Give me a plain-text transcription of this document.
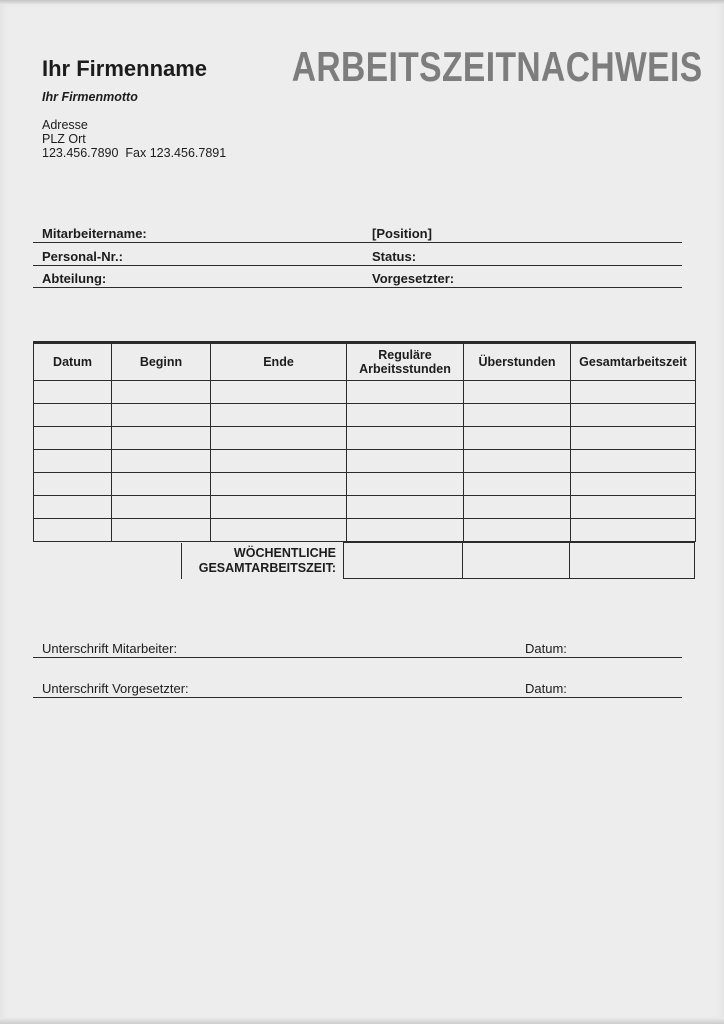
Ihr Firmenname ARBEITSZEITNACHWEIS
Ihr Firmenmotto
Adresse
PLZ Ort
123.456.7890  Fax 123.456.7891
Mitarbeitername:	[Position]
Personal-Nr.:	Status:
Abteilung:	Vorgesetzter:
Datum	Beginn	Ende	Reguläre Arbeitsstunden	Überstunden	Gesamtarbeitszeit

WÖCHENTLICHE GESAMTARBEITSZEIT:
Unterschrift Mitarbeiter:	Datum:
Unterschrift Vorgesetzter:	Datum:
